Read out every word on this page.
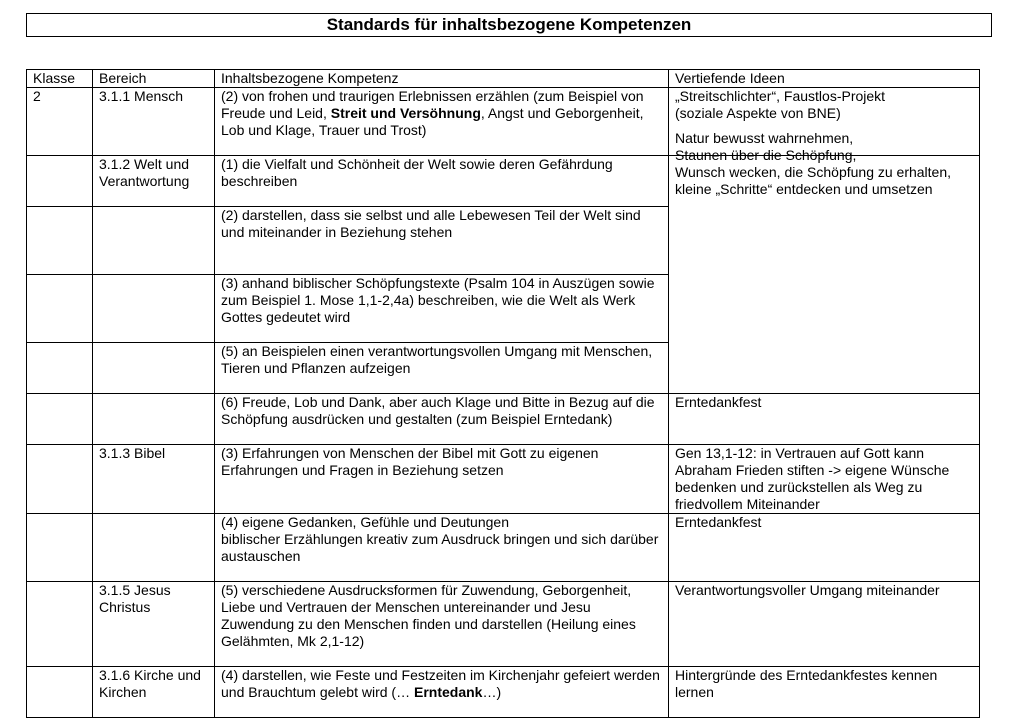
Standards für inhaltsbezogene Kompetenzen
Klasse	Bereich	Inhaltsbezogene Kompetenz	Vertiefende Ideen
2	3.1.1 Mensch	(2) von frohen und traurigen Erlebnissen erzählen (zum Beispiel von Freude und Leid, Streit und Versöhnung, Angst und Geborgenheit, Lob und Klage, Trauer und Trost)	„Streitschlichter“, Faustlos-Projekt
(soziale Aspekte von BNE)

	3.1.2 Welt und Verantwortung	(1) die Vielfalt und Schönheit der Welt sowie deren Gefährdung beschreiben	Natur bewusst wahrnehmen,
Staunen über die Schöpfung,
Wunsch wecken, die Schöpfung zu erhalten,
kleine „Schritte“ entdecken und umsetzen

		(2) darstellen, dass sie selbst und alle Lebewesen Teil der Welt sind und miteinander in Beziehung stehen	
		(3) anhand biblischer Schöpfungstexte (Psalm 104 in Auszügen sowie zum Beispiel 1. Mose 1,1-2,4a) beschreiben, wie die Welt als Werk Gottes gedeutet wird	
		(5) an Beispielen einen verantwortungsvollen Umgang mit Menschen, Tieren und Pflanzen aufzeigen	
		(6) Freude, Lob und Dank, aber auch Klage und Bitte in Bezug auf die Schöpfung ausdrücken und gestalten (zum Beispiel Erntedank)	Erntedankfest
	3.1.3 Bibel	(3) Erfahrungen von Menschen der Bibel mit Gott zu eigenen Erfahrungen und Fragen in Beziehung setzen	Gen 13,1-12: in Vertrauen auf Gott kann Abraham Frieden stiften -> eigene Wünsche bedenken und zurückstellen als Weg zu friedvollem Miteinander

		(4) eigene Gedanken, Gefühle und Deutungen
biblischer Erzählungen kreativ zum Ausdruck bringen und sich darüber austauschen	Erntedankfest
	3.1.5 Jesus Christus	(5) verschiedene Ausdrucksformen für Zuwendung, Geborgenheit, Liebe und Vertrauen der Menschen untereinander und Jesu Zuwendung zu den Menschen finden und darstellen (Heilung eines Gelähmten, Mk 2,1-12)	Verantwortungsvoller Umgang miteinander
	3.1.6 Kirche und Kirchen	(4) darstellen, wie Feste und Festzeiten im Kirchenjahr gefeiert werden und Brauchtum gelebt wird (… Erntedank…)	Hintergründe des Erntedankfestes kennen lernen
